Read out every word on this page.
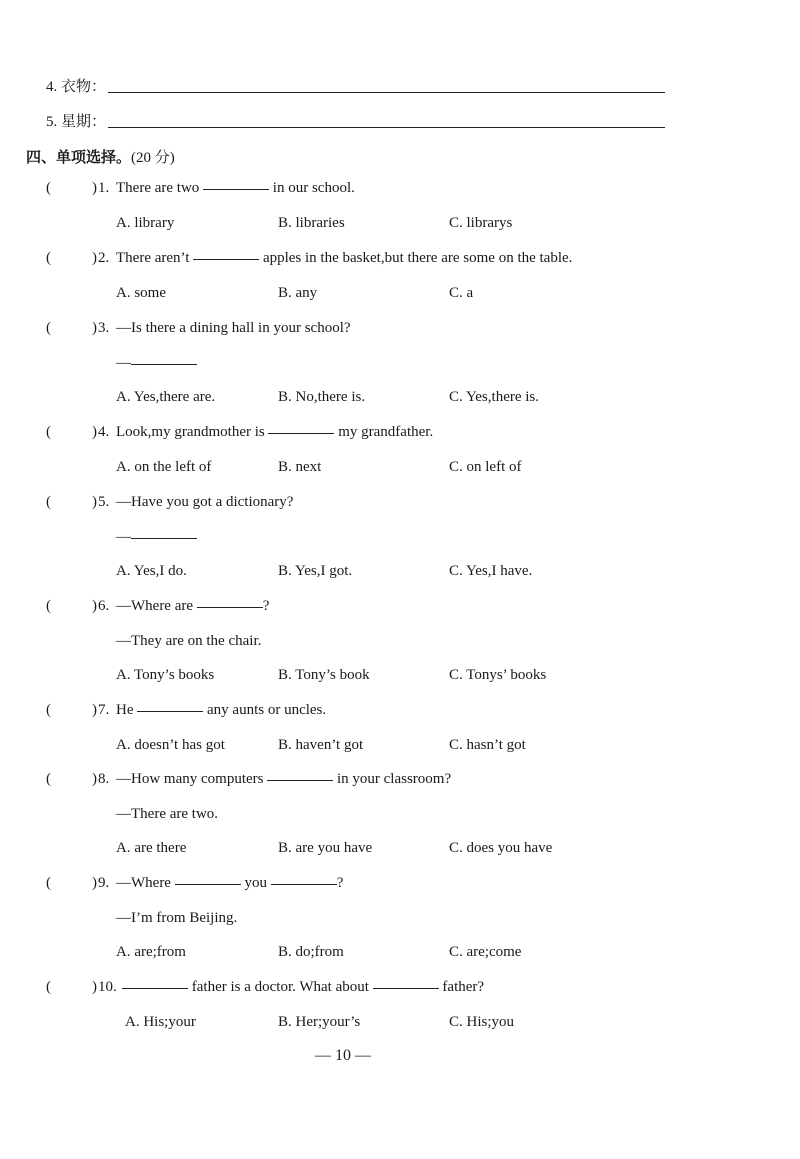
4. 衣物：
5. 星期：
四、单项选择。(20 分)
(	) 1. There are two	in our school.
A. library	B. libraries	C. librarys
(	) 2. There aren’t	apples in the basket,but there are some on the table.
A. some	B. any	C. a
(	) 3. —Is there a dining hall in your school?
—
A. Yes,there are.	B. No,there is.	C. Yes,there is.
(	) 4. Look,my grandmother is	my grandfather.
A. on the left of	B. next	C. on left of
(	) 5. —Have you got a dictionary?
—
A. Yes,I do.	B. Yes,I got.	C. Yes,I have.
(	) 6. —Where are	?
—They are on the chair.
A. Tony’s books	B. Tony’s book	C. Tonys’ books
(	) 7. He	any aunts or uncles.
A. doesn’t has got	B. haven’t got	C. hasn’t got
(	) 8. —How many computers	in your classroom?
—There are two.
A. are there	B. are you have	C. does you have
(	) 9. —Where	you	?
—I’m from Beijing.
A. are;from	B. do;from	C. are;come
(	) 10.	father is a doctor. What about	father?
A. His;your	B. Her;your’s	C. His;you
— 10 —
